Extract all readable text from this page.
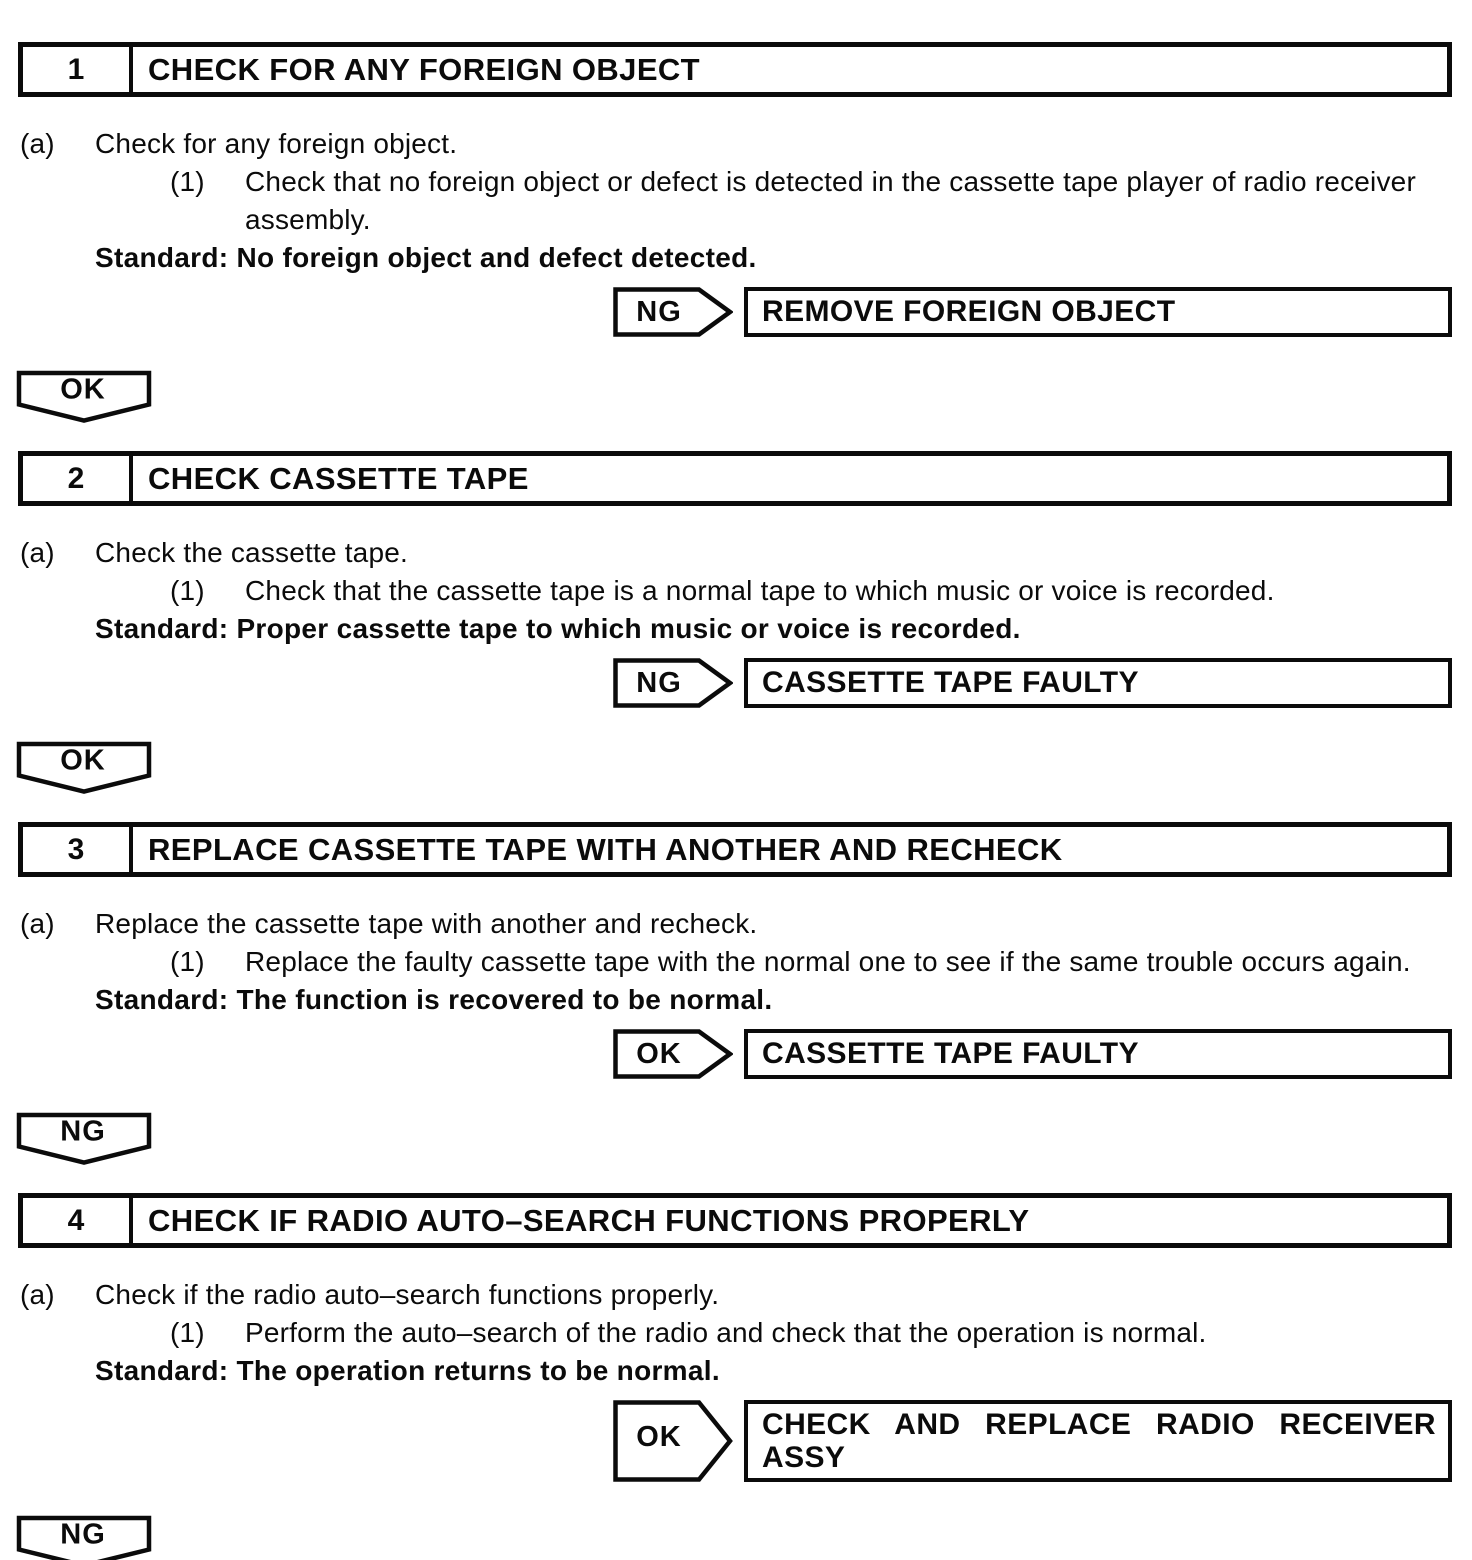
1	CHECK FOR ANY FOREIGN OBJECT
(a)	Check for any foreign object.
(1)	Check that no foreign object or defect is detected in the cassette tape player of radio receiver assembly.
Standard: No foreign object and defect detected.
NG	REMOVE FOREIGN OBJECT
OK
2	CHECK CASSETTE TAPE
(a)	Check the cassette tape.
(1)	Check that the cassette tape is a normal tape to which music or voice is recorded.
Standard: Proper cassette tape to which music or voice is recorded.
NG	CASSETTE TAPE FAULTY
OK
3	REPLACE CASSETTE TAPE WITH ANOTHER AND RECHECK
(a)	Replace the cassette tape with another and recheck.
(1)	Replace the faulty cassette tape with the normal one to see if the same trouble occurs again.
Standard: The function is recovered to be normal.
OK	CASSETTE TAPE FAULTY
NG
4	CHECK IF RADIO AUTO–SEARCH FUNCTIONS PROPERLY
(a)	Check if the radio auto–search functions properly.
(1)	Perform the auto–search of the radio and check that the operation is normal.
Standard: The operation returns to be normal.
OK	CHECK AND REPLACE RADIO RECEIVER ASSY
NG
